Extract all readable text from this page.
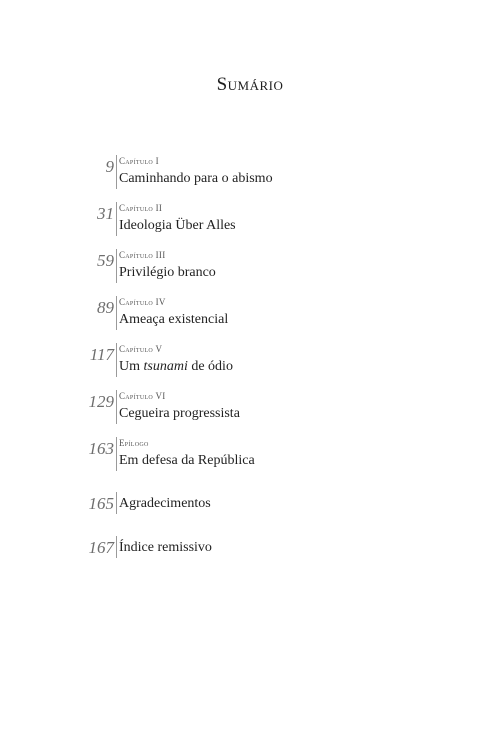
Sumário
9 Capítulo I
Caminhando para o abismo
31 Capítulo II
Ideologia Über Alles
59 Capítulo III
Privilégio branco
89 Capítulo IV
Ameaça existencial
117 Capítulo V
Um tsunami de ódio
129 Capítulo VI
Cegueira progressista
163 Epílogo
Em defesa da República
165 Agradecimentos
167 Índice remissivo
